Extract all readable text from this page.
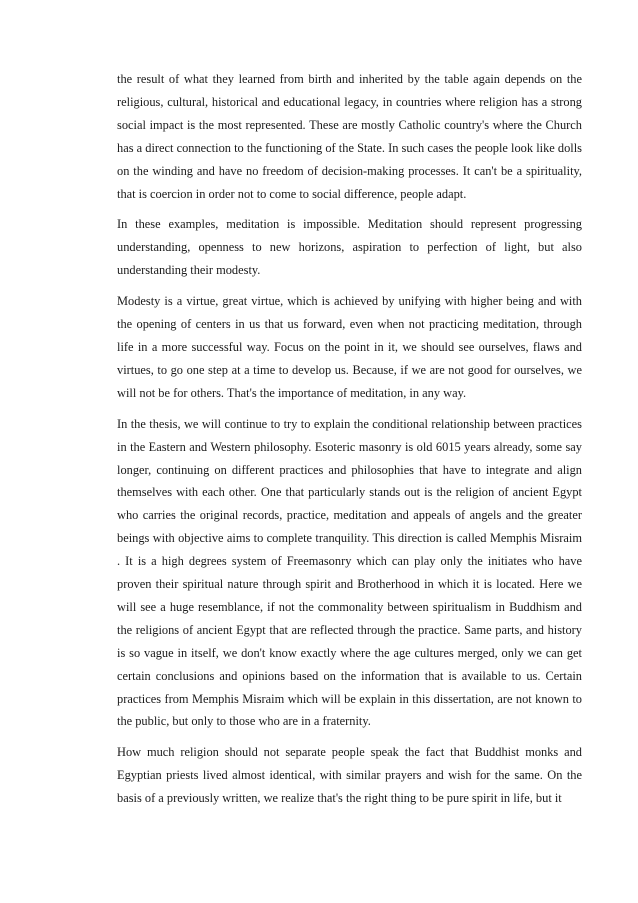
the result of what they learned from birth and inherited by the table again depends on the religious, cultural, historical and educational legacy, in countries where religion has a strong social impact is the most represented. These are mostly Catholic country's where the Church has a direct connection to the functioning of the State. In such cases the people look like dolls on the winding and have no freedom of decision-making processes. It can't be a spirituality, that is coercion in order not to come to social difference, people adapt.

In these examples, meditation is impossible. Meditation should represent progressing understanding, openness to new horizons, aspiration to perfection of light, but also understanding their modesty.

Modesty is a virtue, great virtue, which is achieved by unifying with higher being and with the opening of centers in us that us forward, even when not practicing meditation, through life in a more successful way. Focus on the point in it, we should see ourselves, flaws and virtues, to go one step at a time to develop us. Because, if we are not good for ourselves, we will not be for others. That's the importance of meditation, in any way.

In the thesis, we will continue to try to explain the conditional relationship between practices in the Eastern and Western philosophy. Esoteric masonry is old 6015 years already, some say longer, continuing on different practices and philosophies that have to integrate and align themselves with each other. One that particularly stands out is the religion of ancient Egypt who carries the original records, practice, meditation and appeals of angels and the greater beings with objective aims to complete tranquility. This direction is called Memphis Misraim . It is a high degrees system of Freemasonry which can play only the initiates who have proven their spiritual nature through spirit and Brotherhood in which it is located. Here we will see a huge resemblance, if not the commonality between spiritualism in Buddhism and the religions of ancient Egypt that are reflected through the practice. Same parts, and history is so vague in itself, we don't know exactly where the age cultures merged, only we can get certain conclusions and opinions based on the information that is available to us. Certain practices from Memphis Misraim which will be explain in this dissertation, are not known to the public, but only to those who are in a fraternity.

How much religion should not separate people speak the fact that Buddhist monks and Egyptian priests lived almost identical, with similar prayers and wish for the same. On the basis of a previously written, we realize that's the right thing to be pure spirit in life, but it
